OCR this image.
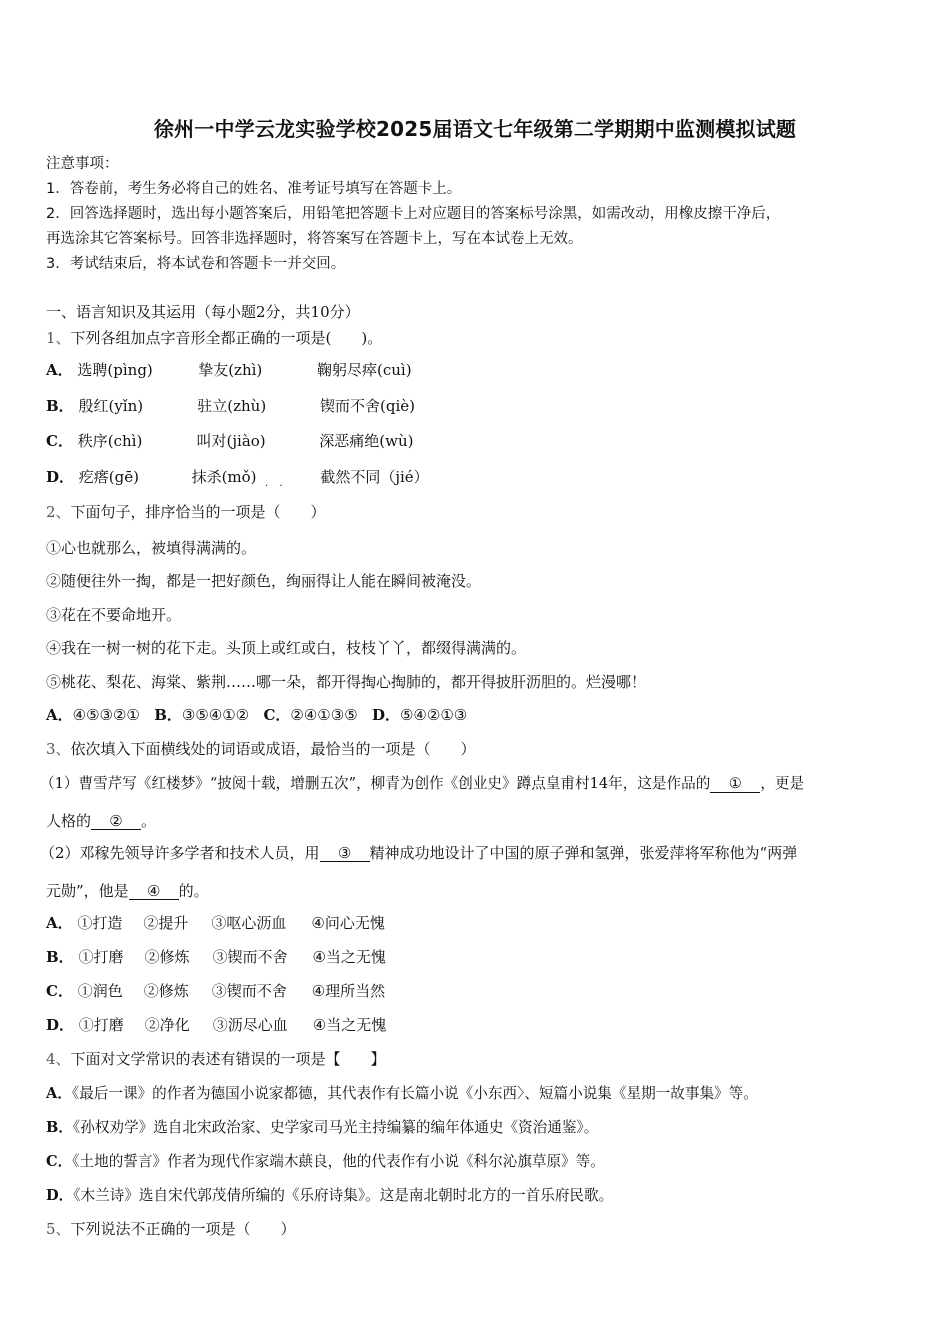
徐州一中学云龙实验学校2025届语文七年级第二学期期中监测模拟试题
注意事项：
1．答卷前，考生务必将自己的姓名、准考证号填写在答题卡上。
2．回答选择题时，选出每小题答案后，用铅笔把答题卡上对应题目的答案标号涂黑，如需改动，用橡皮擦干净后，
再选涂其它答案标号。回答非选择题时，将答案写在答题卡上，写在本试卷上无效。
3．考试结束后，将本试卷和答题卡一并交回。
一、语言知识及其运用（每小题2分，共10分）
1、下列各组加点字音形全都正确的一项是(　　)。
A． 选聘(pìng)	挚友(zhì)	鞠躬尽瘁(cuì)
B． 殷红(yǐn)	驻立(zhù)	锲而不舍(qiè)
C． 秩序(chì)	叫对(jiào)	深恶痛绝(wù)
D． 疙瘩(gē)	抹杀(mǒ)	截然不同（jié）
. .
2、下面句子，排序恰当的一项是（　　）
①心也就那么，被填得满满的。
②随便往外一掏，都是一把好颜色，绚丽得让人能在瞬间被淹没。
③花在不要命地开。
④我在一树一树的花下走。头顶上或红或白，枝枝丫丫，都缀得满满的。
⑤桃花、梨花、海棠、紫荆……哪一朵，都开得掏心掏肺的，都开得披肝沥胆的。烂漫哪！
A．④⑤③②① B．③⑤④①② C．②④①③⑤ D．⑤④②①③
3、依次填入下面横线处的词语或成语，最恰当的一项是（　　）
（1）曹雪芹写《红楼梦》“披阅十载，增删五次”，柳青为创作《创业史》蹲点皇甫村14年，这是作品的 ① ，更是
人格的 ② 。
（2）邓稼先领导许多学者和技术人员，用 ③ 精神成功地设计了中国的原子弹和氢弹，张爱萍将军称他为“两弹
元勋”，他是 ④ 的。
A． ①打造 ②提升 ③呕心沥血 ④问心无愧
B． ①打磨 ②修炼 ③锲而不舍 ④当之无愧
C． ①润色 ②修炼 ③锲而不舍 ④理所当然
D． ①打磨 ②净化 ③沥尽心血 ④当之无愧
4、下面对文学常识的表述有错误的一项是【　　】
A．《最后一课》的作者为德国小说家都德，其代表作有长篇小说《小东西〉、短篇小说集《星期一故事集》等。
B．《孙权劝学》选自北宋政治家、史学家司马光主持编纂的编年体通史《资治通鉴》。
C．《土地的誓言》作者为现代作家端木蕻良，他的代表作有小说《科尔沁旗草原》等。
D．《木兰诗》选自宋代郭茂倩所编的《乐府诗集》。这是南北朝时北方的一首乐府民歌。
5、下列说法不正确的一项是（　　）
